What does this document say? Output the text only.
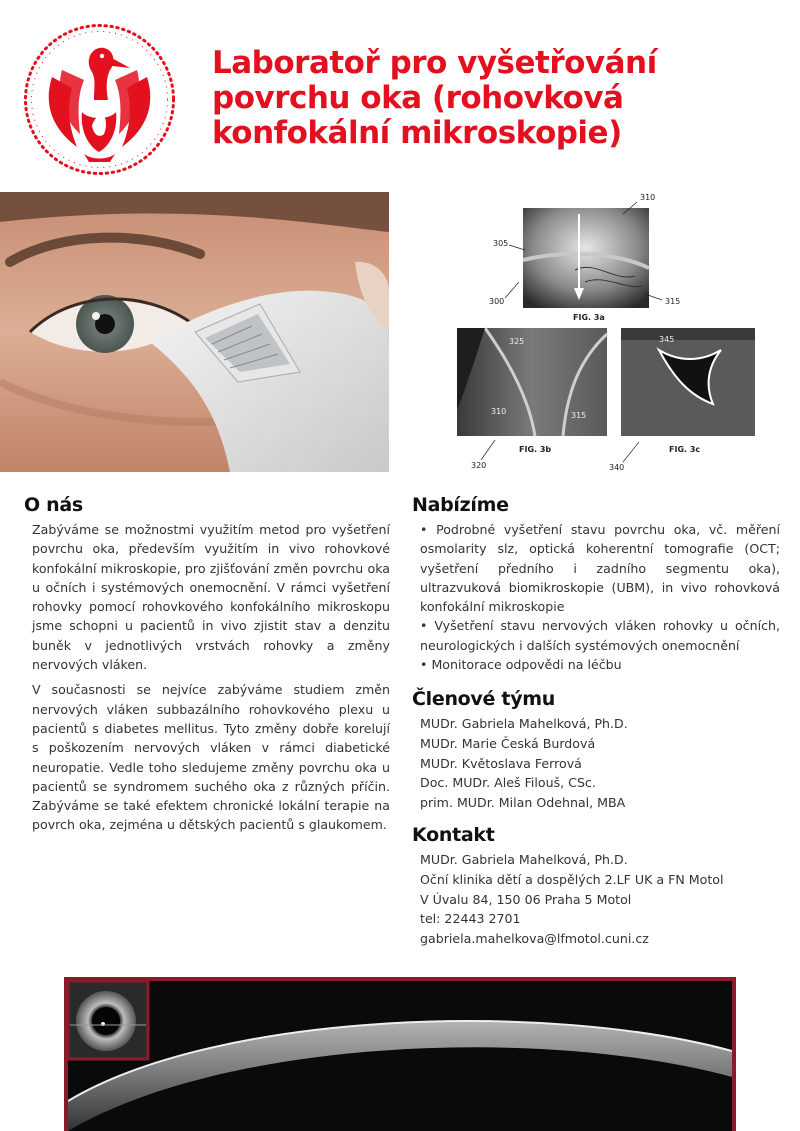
Laboratoř pro vyšetřování
povrchu oka (rohovková
konfokální mikroskopie)
310
305
300	315
FIG. 3a
325
310	315
FIG. 3b
320
345
FIG. 3c
340
O nás

Zabýváme se možnostmi využitím metod pro vyšetření povrchu oka, především využitím in vivo rohovkové konfokální mikroskopie, pro zjišťování změn povrchu oka u očních i systémových onemocnění. V rámci vyšetření rohovky pomocí rohovkového konfokálního mikroskopu jsme schopni u pacientů in vivo zjistit stav a denzitu buněk v jednotlivých vrstvách rohovky a změny nervových vláken.

V současnosti se nejvíce zabýváme studiem změn nervových vláken subbazálního rohovkového plexu u pacientů s diabetes mellitus. Tyto změny dobře korelují s poškozením nervových vláken v rámci diabetické neuropatie. Vedle toho sledujeme změny povrchu oka u pacientů se syndromem suchého oka z různých příčin. Zabýváme se také efektem chronické lokální terapie na povrch oka, zejména u dětských pacientů s glaukomem.

Nabízíme
• Podrobné vyšetření stavu povrchu oka, vč. měření osmolarity slz, optická koherentní tomografie (OCT; vyšetření předního i zadního segmentu oka), ultrazvuková biomikroskopie (UBM), in vivo rohovková konfokální mikroskopie
• Vyšetření stavu nervových vláken rohovky u očních, neurologických i dalších systémových onemocnění
• Monitorace odpovědi na léčbu
Členové týmu
MUDr. Gabriela Mahelková, Ph.D.
MUDr. Marie Česká Burdová
MUDr. Květoslava Ferrová
Doc. MUDr. Aleš Filouš, CSc.
prim. MUDr. Milan Odehnal, MBA
Kontakt
MUDr. Gabriela Mahelková, Ph.D.
Oční klinika dětí a dospělých 2.LF UK a FN Motol
V Úvalu 84, 150 06 Praha 5 Motol
tel: 22443 2701
gabriela.mahelkova@lfmotol.cuni.cz
